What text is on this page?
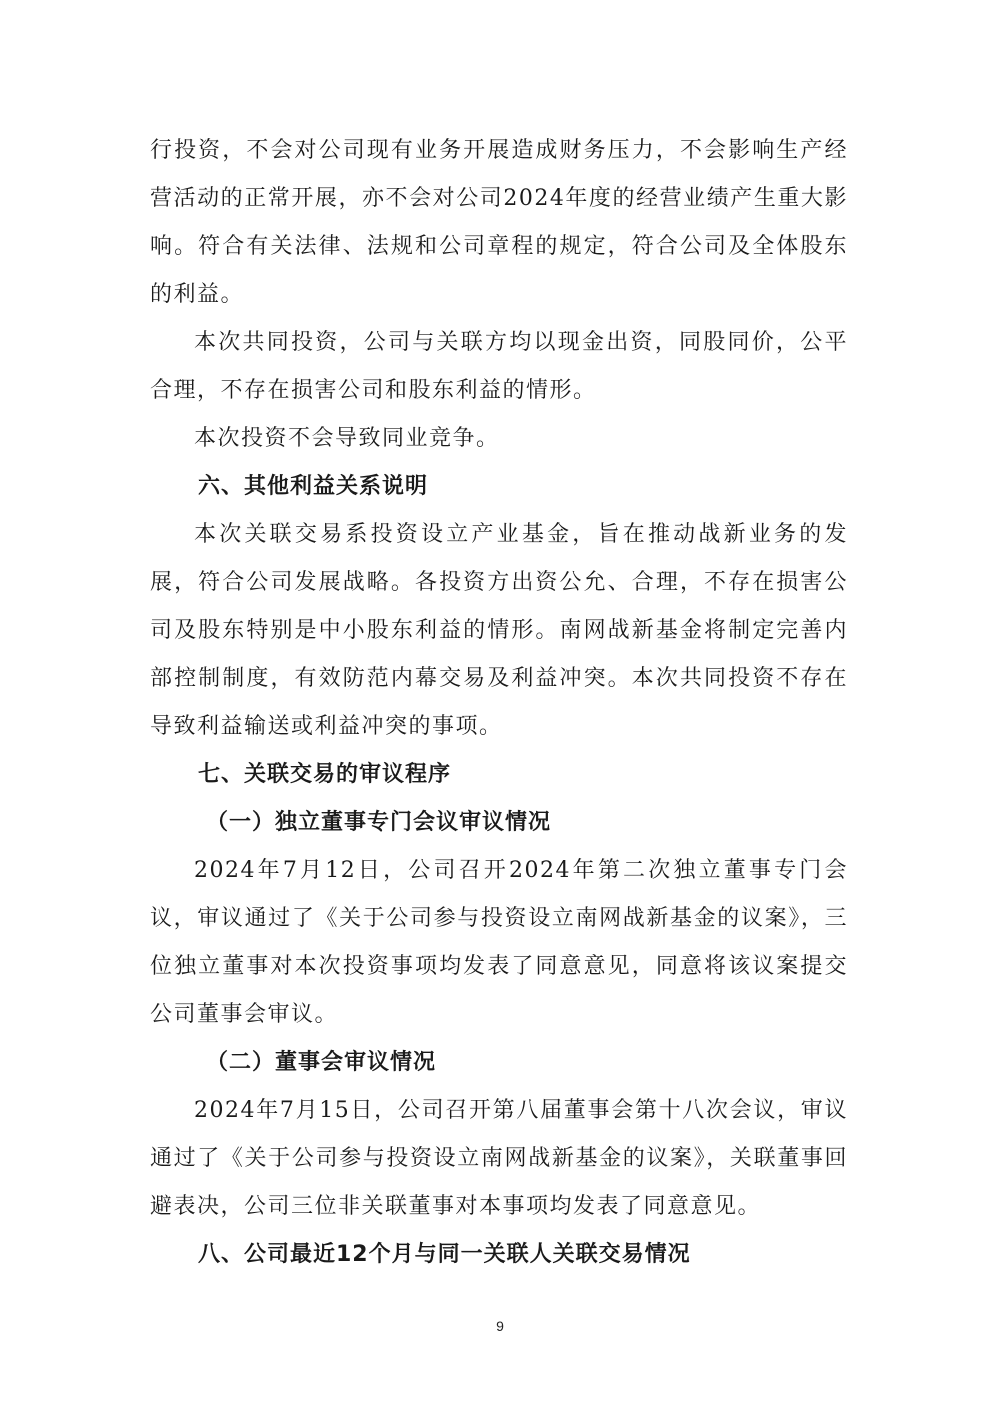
行投资，不会对公司现有业务开展造成财务压力，不会影响生产经营活动的正常开展，亦不会对公司2024年度的经营业绩产生重大影响。符合有关法律、法规和公司章程的规定，符合公司及全体股东的利益。

本次共同投资，公司与关联方均以现金出资，同股同价，公平合理，不存在损害公司和股东利益的情形。

本次投资不会导致同业竞争。

六、其他利益关系说明

本次关联交易系投资设立产业基金，旨在推动战新业务的发展，符合公司发展战略。各投资方出资公允、合理，不存在损害公司及股东特别是中小股东利益的情形。南网战新基金将制定完善内部控制制度，有效防范内幕交易及利益冲突。本次共同投资不存在导致利益输送或利益冲突的事项。

七、关联交易的审议程序

（一）独立董事专门会议审议情况

2024年7月12日，公司召开2024年第二次独立董事专门会议，审议通过了《关于公司参与投资设立南网战新基金的议案》，三位独立董事对本次投资事项均发表了同意意见，同意将该议案提交公司董事会审议。

（二）董事会审议情况

2024年7月15日，公司召开第八届董事会第十八次会议，审议通过了《关于公司参与投资设立南网战新基金的议案》，关联董事回避表决，公司三位非关联董事对本事项均发表了同意意见。

八、公司最近12个月与同一关联人关联交易情况

9
